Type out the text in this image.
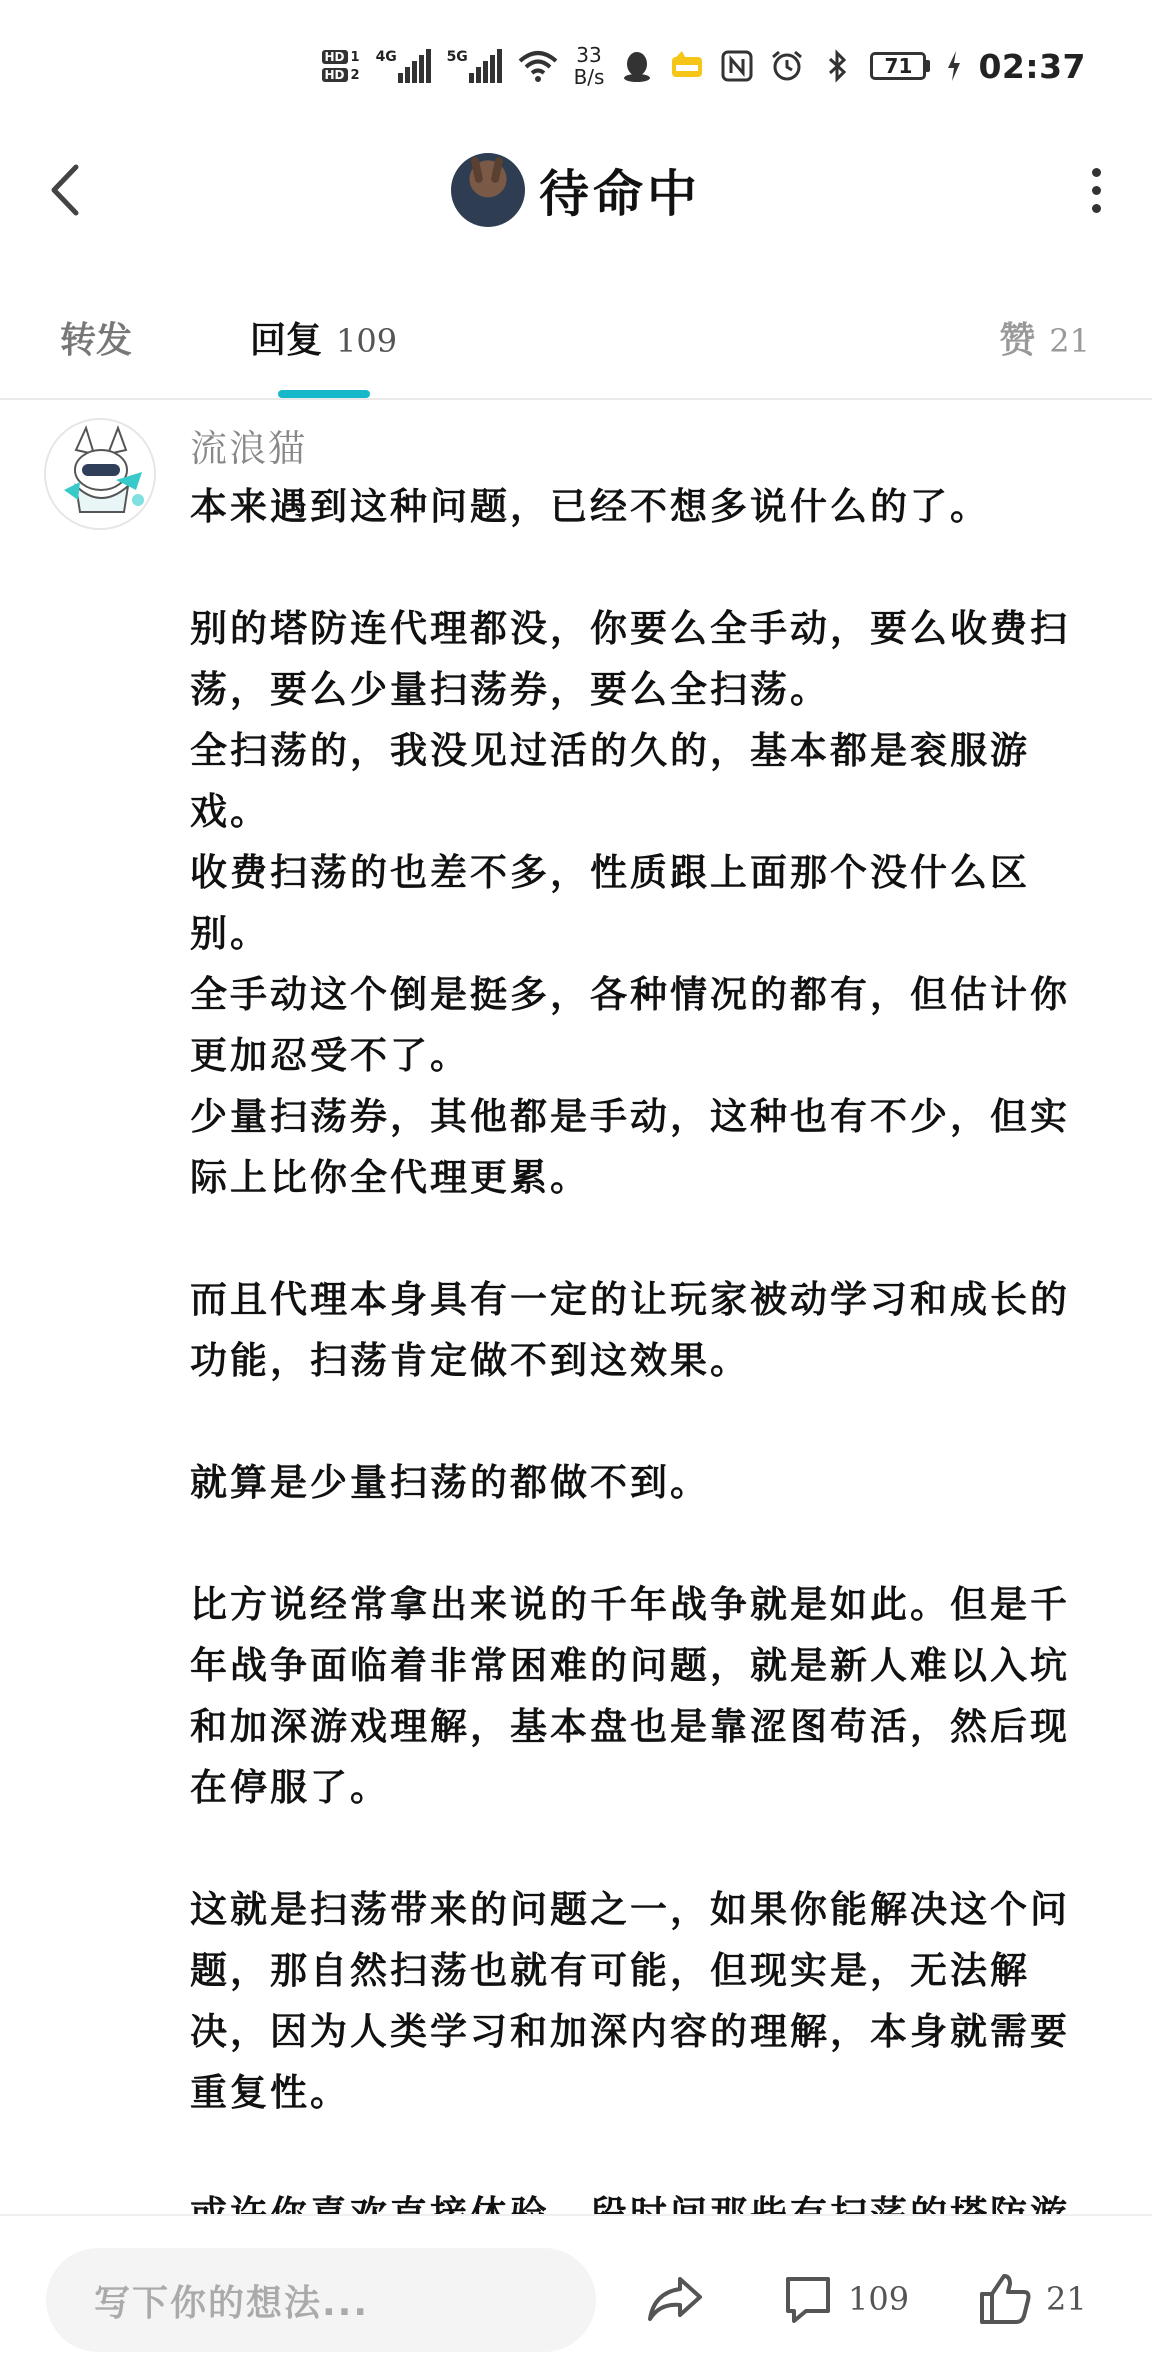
HD 1
HD 2
4G	5G	33
B/s	71	02:37
待命中
转发	回复 109	赞 21
流浪猫

本来遇到这种问题，已经不想多说什么的了。

别的塔防连代理都没，你要么全手动，要么收费扫荡，要么少量扫荡券，要么全扫荡。

全扫荡的，我没见过活的久的，基本都是衮服游戏。

收费扫荡的也差不多，性质跟上面那个没什么区别。

全手动这个倒是挺多，各种情况的都有，但估计你更加忍受不了。

少量扫荡券，其他都是手动，这种也有不少，但实际上比你全代理更累。

而且代理本身具有一定的让玩家被动学习和成长的功能，扫荡肯定做不到这效果。

就算是少量扫荡的都做不到。

比方说经常拿出来说的千年战争就是如此。但是千年战争面临着非常困难的问题，就是新人难以入坑和加深游戏理解，基本盘也是靠涩图苟活，然后现在停服了。

这就是扫荡带来的问题之一，如果你能解决这个问题，那自然扫荡也就有可能，但现实是，无法解决，因为人类学习和加深内容的理解，本身就需要重复性。

写下你的想法...	109	21
